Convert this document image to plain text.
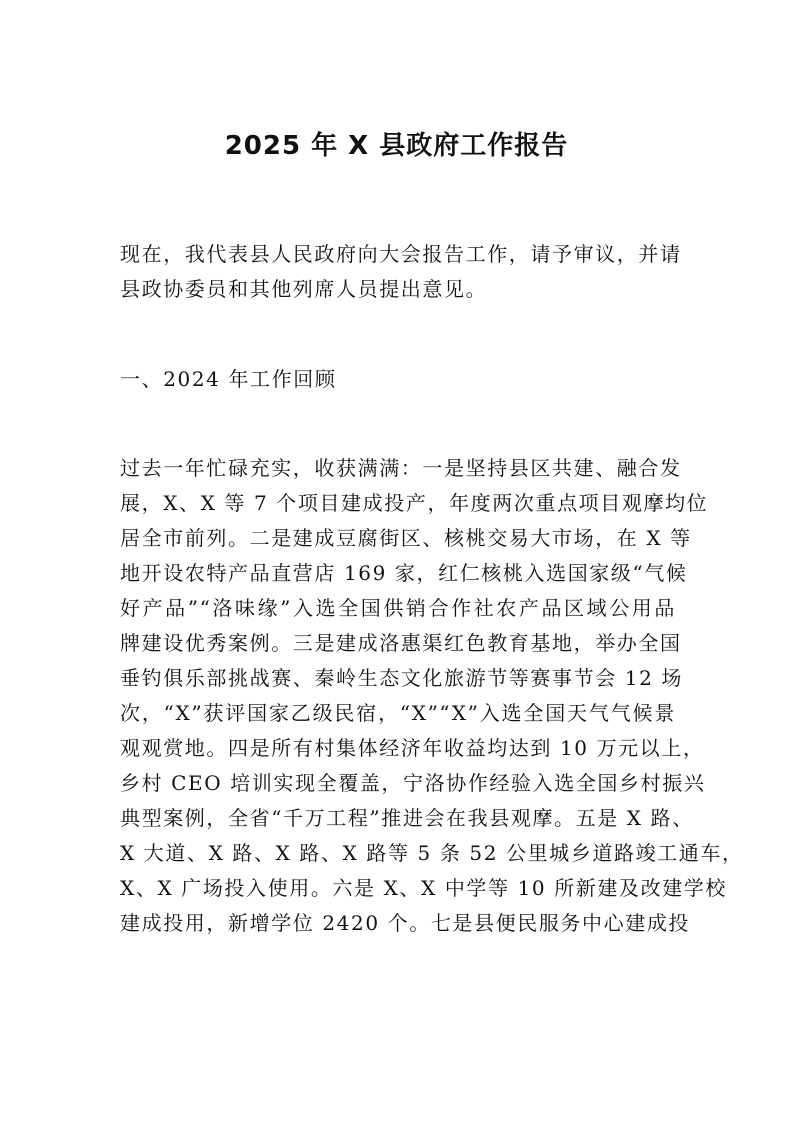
2025 年 X 县政府工作报告
现在，我代表县人民政府向大会报告工作，请予审议，并请
县政协委员和其他列席人员提出意见。
一、2024 年工作回顾
过去一年忙碌充实，收获满满：一是坚持县区共建、融合发
展，X、X 等 7 个项目建成投产，年度两次重点项目观摩均位
居全市前列。二是建成豆腐街区、核桃交易大市场，在 X 等
地开设农特产品直营店 169 家，红仁核桃入选国家级“气候
好产品”“洛味缘”入选全国供销合作社农产品区域公用品
牌建设优秀案例。三是建成洛惠渠红色教育基地，举办全国
垂钓俱乐部挑战赛、秦岭生态文化旅游节等赛事节会 12 场
次，“X”获评国家乙级民宿，“X”“X”入选全国天气气候景
观观赏地。四是所有村集体经济年收益均达到 10 万元以上，
乡村 CEO 培训实现全覆盖，宁洛协作经验入选全国乡村振兴
典型案例，全省“千万工程”推进会在我县观摩。五是 X 路、
X 大道、X 路、X 路、X 路等 5 条 52 公里城乡道路竣工通车，
X、X 广场投入使用。六是 X、X 中学等 10 所新建及改建学校
建成投用，新增学位 2420 个。七是县便民服务中心建成投
